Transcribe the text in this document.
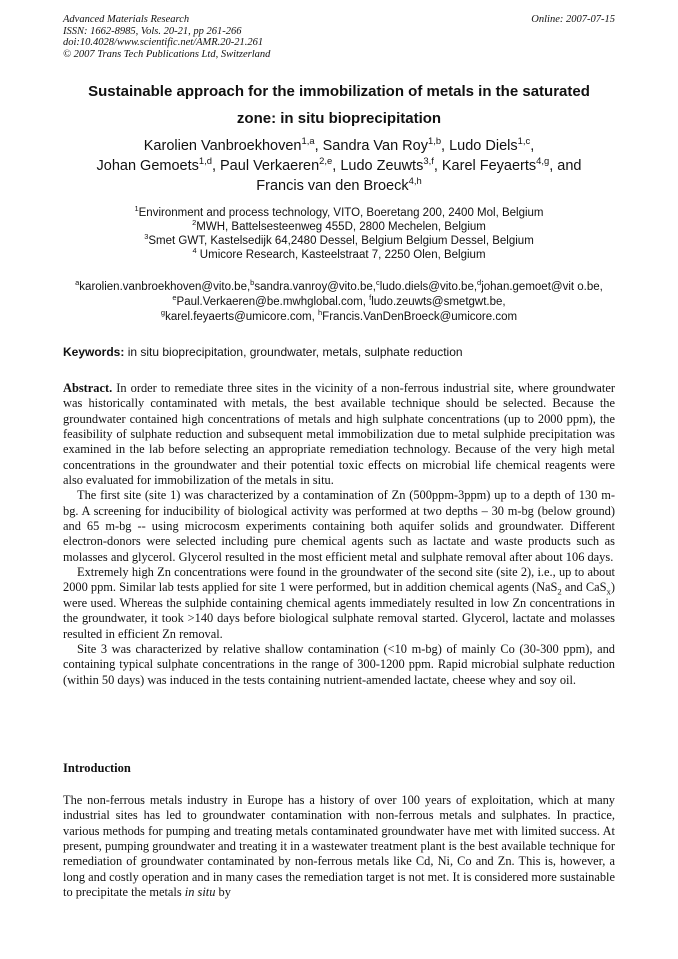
Advanced Materials Research
ISSN: 1662-8985, Vols. 20-21, pp 261-266
doi:10.4028/www.scientific.net/AMR.20-21.261
© 2007 Trans Tech Publications Ltd, Switzerland
Online: 2007-07-15
Sustainable approach for the immobilization of metals in the saturated
zone: in situ bioprecipitation
Karolien Vanbroekhoven$^{1,a}$, Sandra Van Roy$^{1,b}$, Ludo Diels$^{1,c}$,
Johan Gemoets$^{1,d}$, Paul Verkaeren$^{2,e}$, Ludo Zeuwts$^{3,f}$, Karel Feyaerts$^{4,g}$, and
Francis van den Broeck$^{4,h}$
$^1$Environment and process technology, VITO, Boeretang 200, 2400 Mol, Belgium
$^2$MWH, Battelsesteenweg 455D, 2800 Mechelen, Belgium
$^3$Smet GWT, Kastelsedijk 64,2480 Dessel, Belgium Belgium Dessel, Belgium
$^4$ Umicore Research, Kasteelstraat 7, 2250 Olen, Belgium
$^a$karolien.vanbroekhoven@vito.be,$^b$sandra.vanroy@vito.be,$^c$ludo.diels@vito.be,$^d$johan.gemoet@vit o.be,
$^e$Paul.Verkaeren@be.mwhglobal.com, $^f$ludo.zeuwts@smetgwt.be,
$^g$karel.feyaerts@umicore.com, $^h$Francis.VanDenBroeck@umicore.com
Keywords: in situ bioprecipitation, groundwater, metals, sulphate reduction

Abstract. In order to remediate three sites in the vicinity of a non-ferrous industrial site, where groundwater was historically contaminated with metals, the best available technique should be selected. Because the groundwater contained high concentrations of metals and high sulphate concentrations (up to 2000 ppm), the feasibility of sulphate reduction and subsequent metal immobilization due to metal sulphide precipitation was examined in the lab before selecting an appropriate remediation technology. Because of the very high metal concentrations in the groundwater and their potential toxic effects on microbial life chemical reagents were also evaluated for immobilization of the metals in situ.

The first site (site 1) was characterized by a contamination of Zn (500ppm-3ppm) up to a depth of 130 m-bg. A screening for inducibility of biological activity was performed at two depths – 30 m-bg (below ground) and 65 m-bg -- using microcosm experiments containing both aquifer solids and groundwater. Different electron-donors were selected including pure chemical agents such as lactate and waste products such as molasses and glycerol. Glycerol resulted in the most efficient metal and sulphate removal after about 106 days.

Extremely high Zn concentrations were found in the groundwater of the second site (site 2), i.e., up to about 2000 ppm. Similar lab tests applied for site 1 were performed, but in addition chemical agents (NaS$_2$ and CaS$_x$) were used. Whereas the sulphide containing chemical agents immediately resulted in low Zn concentrations in the groundwater, it took >140 days before biological sulphate removal started. Glycerol, lactate and molasses resulted in efficient Zn removal.

Site 3 was characterized by relative shallow contamination (<10 m-bg) of mainly Co (30-300 ppm), and containing typical sulphate concentrations in the range of 300-1200 ppm. Rapid microbial sulphate reduction (within 50 days) was induced in the tests containing nutrient-amended lactate, cheese whey and soy oil.

Introduction

The non-ferrous metals industry in Europe has a history of over 100 years of exploitation, which at many industrial sites has led to groundwater contamination with non-ferrous metals and sulphates. In practice, various methods for pumping and treating metals contaminated groundwater have met with limited success. At present, pumping groundwater and treating it in a wastewater treatment plant is the best available technique for remediation of groundwater contaminated by non-ferrous metals like Cd, Ni, Co and Zn. This is, however, a long and costly operation and in many cases the remediation target is not met. It is considered more sustainable to precipitate the metals in situ by
